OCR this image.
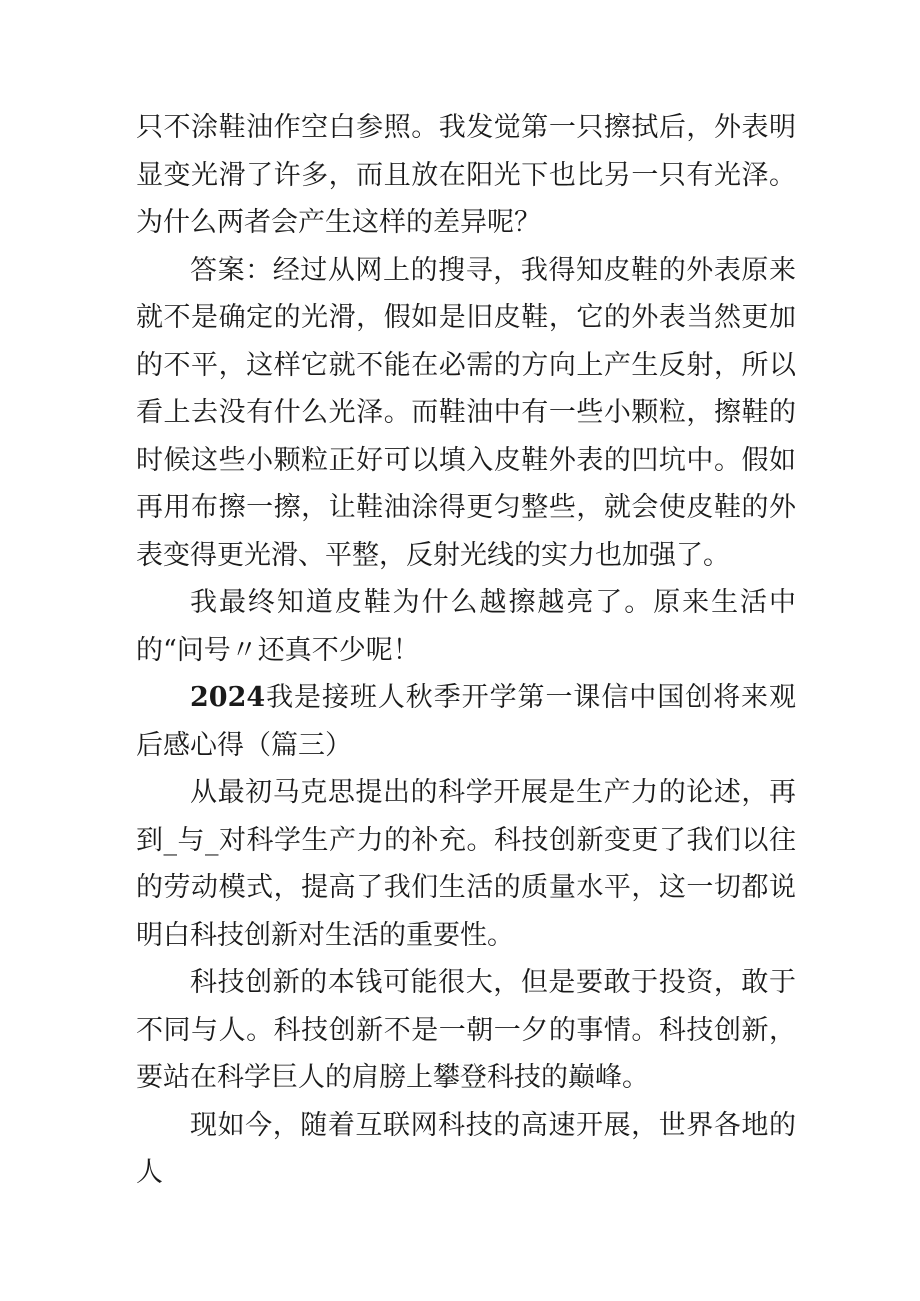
只不涂鞋油作空白参照。我发觉第一只擦拭后，外表明显变光滑了许多，而且放在阳光下也比另一只有光泽。为什么两者会产生这样的差异呢？

答案：经过从网上的搜寻，我得知皮鞋的外表原来就不是确定的光滑，假如是旧皮鞋，它的外表当然更加的不平，这样它就不能在必需的方向上产生反射，所以看上去没有什么光泽。而鞋油中有一些小颗粒，擦鞋的时候这些小颗粒正好可以填入皮鞋外表的凹坑中。假如再用布擦一擦，让鞋油涂得更匀整些，就会使皮鞋的外表变得更光滑、平整，反射光线的实力也加强了。

我最终知道皮鞋为什么越擦越亮了。原来生活中的“问号〃还真不少呢！

2024我是接班人秋季开学第一课信中国创将来观后感心得（篇三）

从最初马克思提出的科学开展是生产力的论述，再到_与_对科学生产力的补充。科技创新变更了我们以往的劳动模式，提高了我们生活的质量水平，这一切都说明白科技创新对生活的重要性。

科技创新的本钱可能很大，但是要敢于投资，敢于不同与人。科技创新不是一朝一夕的事情。科技创新，要站在科学巨人的肩膀上攀登科技的巅峰。

现如今，随着互联网科技的高速开展，世界各地的人
